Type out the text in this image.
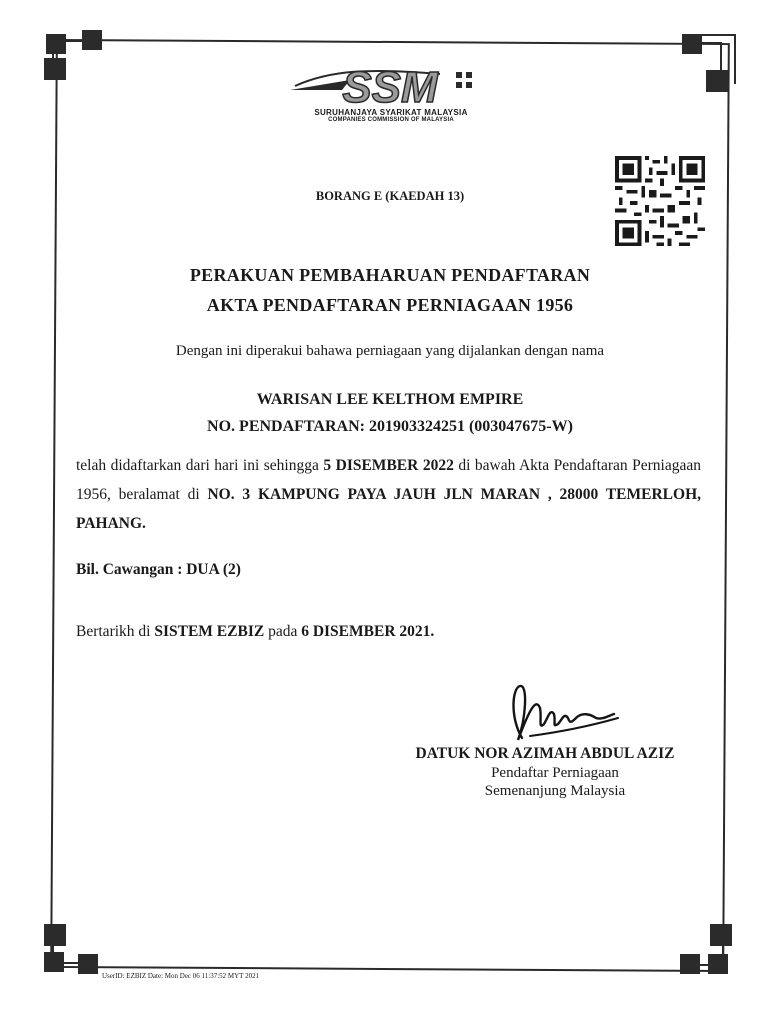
SSM
SURUHANJAYA SYARIKAT MALAYSIA
COMPANIES COMMISSION OF MALAYSIA
BORANG E (KAEDAH 13)
PERAKUAN PEMBAHARUAN PENDAFTARAN
AKTA PENDAFTARAN PERNIAGAAN 1956
Dengan ini diperakui bahawa perniagaan yang dijalankan dengan nama
WARISAN LEE KELTHOM EMPIRE
NO. PENDAFTARAN: 201903324251 (003047675-W)
telah didaftarkan dari hari ini sehingga 5 DISEMBER 2022 di bawah Akta Pendaftaran Perniagaan 1956, beralamat di NO. 3 KAMPUNG PAYA JAUH JLN MARAN , 28000 TEMERLOH, PAHANG.
Bil. Cawangan : DUA (2)
Bertarikh di SISTEM EZBIZ pada 6 DISEMBER 2021.
DATUK NOR AZIMAH ABDUL AZIZ
Pendaftar Perniagaan
Semenanjung Malaysia
UserID: EZBIZ Date: Mon Dec 06 11:37:52 MYT 2021
